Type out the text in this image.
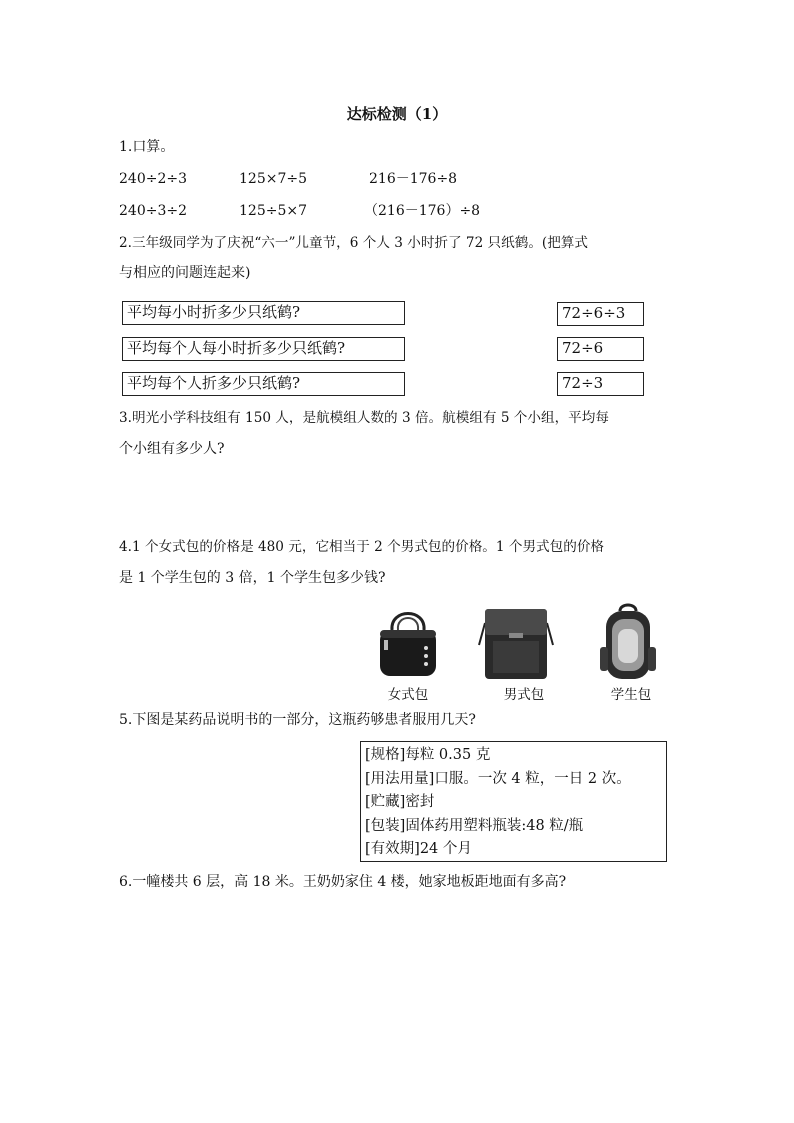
达标检测（1）
1.口算。
240÷2÷3	125×7÷5	216－176÷8
240÷3÷2	125÷5×7	（216－176）÷8
2.三年级同学为了庆祝“六一”儿童节，6 个人 3 小时折了 72 只纸鹤。(把算式
与相应的问题连起来)
平均每小时折多少只纸鹤?
平均每个人每小时折多少只纸鹤?
平均每个人折多少只纸鹤?
72÷6÷3
72÷6
72÷3
3.明光小学科技组有 150 人，是航模组人数的 3 倍。航模组有 5 个小组，平均每
个小组有多少人?
4.1 个女式包的价格是 480 元，它相当于 2 个男式包的价格。1 个男式包的价格
是 1 个学生包的 3 倍，1 个学生包多少钱?
女式包	男式包	学生包
5.下图是某药品说明书的一部分，这瓶药够患者服用几天?
[规格]每粒 0.35 克
[用法用量]口服。一次 4 粒，一日 2 次。
[贮藏]密封
[包装]固体药用塑料瓶装:48 粒/瓶
[有效期]24 个月
6.一幢楼共 6 层，高 18 米。王奶奶家住 4 楼，她家地板距地面有多高?
